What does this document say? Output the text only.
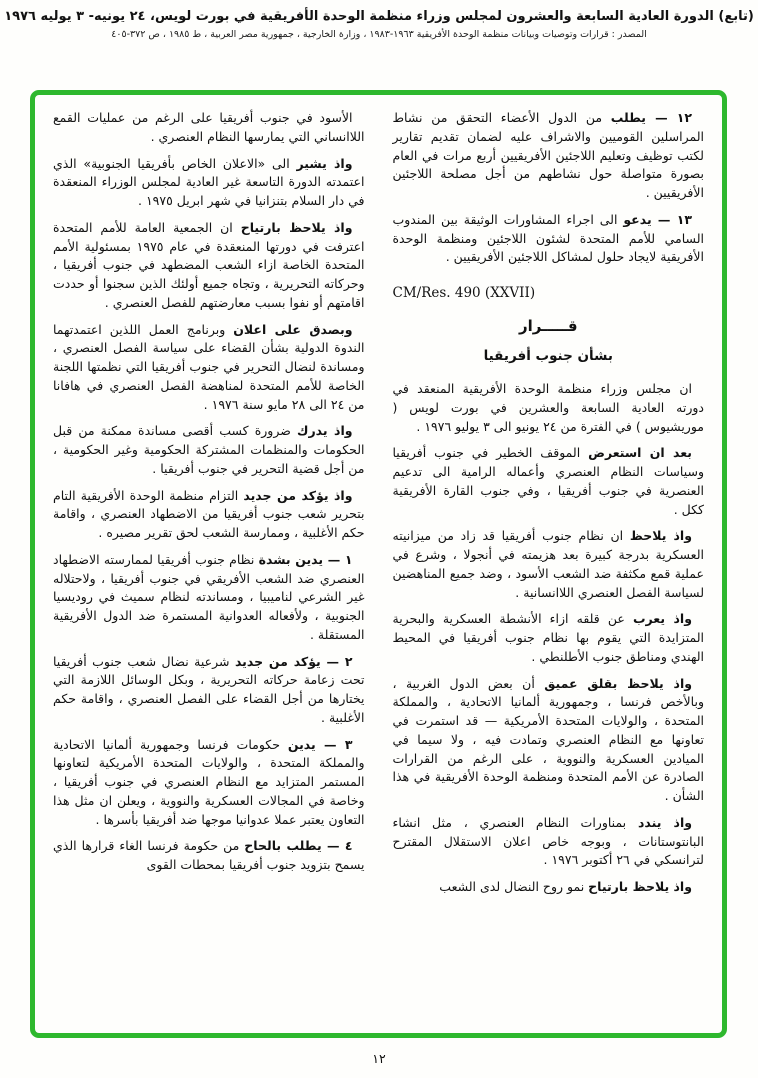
(تابع) الدورة العادية السابعة والعشرون لمجلس وزراء منظمة الوحدة الأفريقية في بورت لويس، ٢٤ يونيه- ٣ يوليه ١٩٧٦
المصدر : قرارات وتوصيات وبيانات منظمة الوحدة الأفريقية ١٩٦٣-١٩٨٣ ، وزارة الخارجية ، جمهورية مصر العربية ، ط ١٩٨٥ ، ص ٣٧٢-٤٠٥

١٢ — يطلب من الدول الأعضاء التحقق من نشاط المراسلين القوميين والاشراف عليه لضمان تقديم تقارير لكتب توظيف وتعليم اللاجئين الأفريقيين أربع مرات في العام بصورة متواصلة حول نشاطهم من أجل مصلحة اللاجئين الأفريقيين .

١٣ — يدعو الى اجراء المشاورات الوثيقة بين المندوب السامي للأمم المتحدة لشئون اللاجئين ومنظمة الوحدة الأفريقية لايجاد حلول لمشاكل اللاجئين الأفريقيين .

CM/Res. 490 (XXVII)

قـــــرار

بشأن جنوب أفريقيا

ان مجلس وزراء منظمة الوحدة الأفريقية المنعقد في دورته العادية السابعة والعشرين في بورت لويس ( موريشيوس ) في الفترة من ٢٤ يونيو الى ٣ يوليو ١٩٧٦ .

بعد ان استعرض الموقف الخطير في جنوب أفريقيا وسياسات النظام العنصري وأعماله الرامية الى تدعيم العنصرية في جنوب أفريقيا ، وفي جنوب القارة الأفريقية ككل .

واذ يلاحظ ان نظام جنوب أفريقيا قد زاد من ميزانيته العسكرية بدرجة كبيرة بعد هزيمته في أنجولا ، وشرع في عملية قمع مكثفة ضد الشعب الأسود ، وضد جميع المناهضين لسياسة الفصل العنصري اللاانسانية .

واذ يعرب عن قلقه ازاء الأنشطة العسكرية والبحرية المتزايدة التي يقوم بها نظام جنوب أفريقيا في المحيط الهندي ومناطق جنوب الأطلنطي .

واذ يلاحظ بقلق عميق أن بعض الدول الغربية ، وبالأخص فرنسا ، وجمهورية ألمانيا الاتحادية ، والمملكة المتحدة ، والولايات المتحدة الأمريكية — قد استمرت في تعاونها مع النظام العنصري وتمادت فيه ، ولا سيما في الميادين العسكرية والنووية ، على الرغم من القرارات الصادرة عن الأمم المتحدة ومنظمة الوحدة الأفريقية في هذا الشأن .

واذ يندد بمناورات النظام العنصري ، مثل انشاء البانتوستانات ، وبوجه خاص اعلان الاستقلال المقترح لترانسكي في ٢٦ أكتوبر ١٩٧٦ .

واذ يلاحظ بارتياح نمو روح النضال لدى الشعب

الأسود في جنوب أفريقيا على الرغم من عمليات القمع اللاانساني التي يمارسها النظام العنصري .

واذ يشير الى «الاعلان الخاص بأفريقيا الجنوبية» الذي اعتمدته الدورة التاسعة غير العادية لمجلس الوزراء المنعقدة في دار السلام بتنزانيا في شهر ابريل ١٩٧٥ .

واذ يلاحظ بارتياح ان الجمعية العامة للأمم المتحدة اعترفت في دورتها المنعقدة في عام ١٩٧٥ بمسئولية الأمم المتحدة الخاصة ازاء الشعب المضطهد في جنوب أفريقيا ، وحركاته التحريرية ، وتجاه جميع أولئك الذين سجنوا أو حددت اقامتهم أو نفوا بسبب معارضتهم للفصل العنصري .

وبصدق على اعلان وبرنامج العمل اللذين اعتمدتهما الندوة الدولية بشأن القضاء على سياسة الفصل العنصري ، ومساندة لنضال التحرير في جنوب أفريقيا التي نظمتها اللجنة الخاصة للأمم المتحدة لمناهضة الفصل العنصري في هافانا من ٢٤ الى ٢٨ مايو سنة ١٩٧٦ .

واذ يدرك ضرورة كسب أقصى مساندة ممكنة من قبل الحكومات والمنظمات المشتركة الحكومية وغير الحكومية ، من أجل قضية التحرير في جنوب أفريقيا .

واذ يؤكد من جديد التزام منظمة الوحدة الأفريقية التام بتحرير شعب جنوب أفريقيا من الاضطهاد العنصري ، واقامة حكم الأغلبية ، وممارسة الشعب لحق تقرير مصيره .

١ — يدين بشدة نظام جنوب أفريقيا لممارسته الاضطهاد العنصري ضد الشعب الأفريقي في جنوب أفريقيا ، ولاحتلاله غير الشرعي لناميبيا ، ومساندته لنظام سميث في روديسيا الجنوبية ، ولأفعاله العدوانية المستمرة ضد الدول الأفريقية المستقلة .

٢ — يؤكد من جديد شرعية نضال شعب جنوب أفريقيا تحت زعامة حركاته التحريرية ، وبكل الوسائل اللازمة التي يختارها من أجل القضاء على الفصل العنصري ، واقامة حكم الأغلبية .

٣ — يدين حكومات فرنسا وجمهورية ألمانيا الاتحادية والمملكة المتحدة ، والولايات المتحدة الأمريكية لتعاونها المستمر المتزايد مع النظام العنصري في جنوب أفريقيا ، وخاصة في المجالات العسكرية والنووية ، ويعلن ان مثل هذا التعاون يعتبر عملا عدوانيا موجها ضد أفريقيا بأسرها .

٤ — يطلب بالحاح من حكومة فرنسا الغاء قرارها الذي يسمح بتزويد جنوب أفريقيا بمحطات القوى

١٢
